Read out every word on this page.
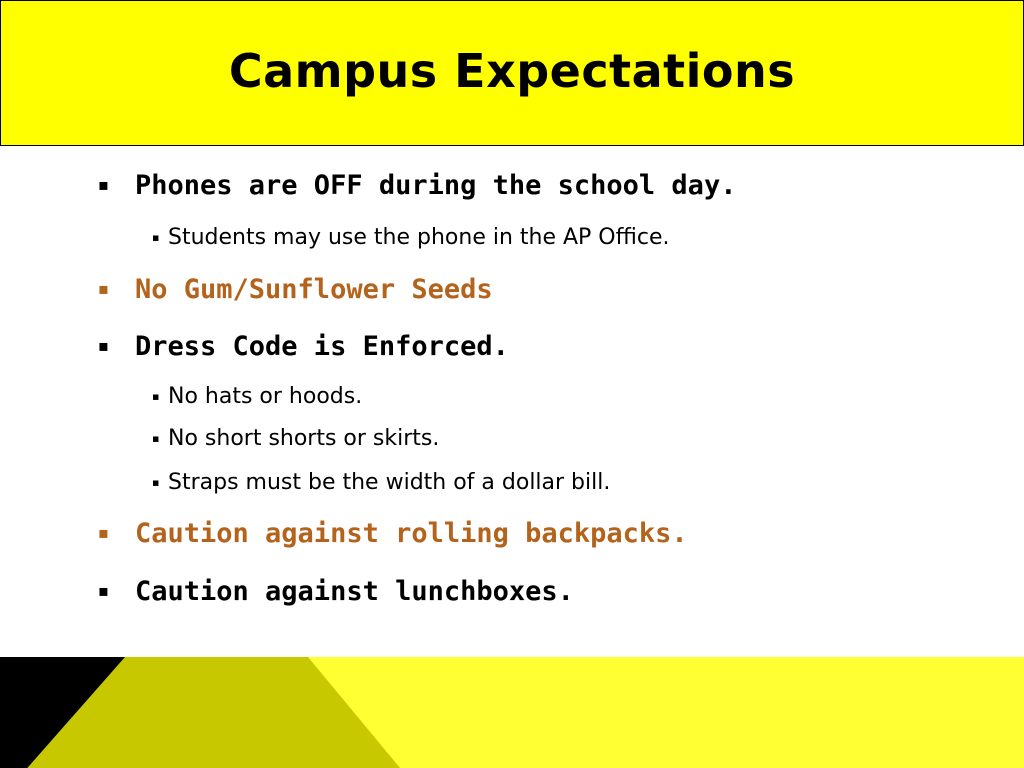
Campus Expectations
▪ Phones are OFF during the school day.
▪ Students may use the phone in the AP Office.
▪ No Gum/Sunflower Seeds
▪ Dress Code is Enforced.
▪ No hats or hoods.
▪ No short shorts or skirts.
▪ Straps must be the width of a dollar bill.
▪ Caution against rolling backpacks.
▪ Caution against lunchboxes.
